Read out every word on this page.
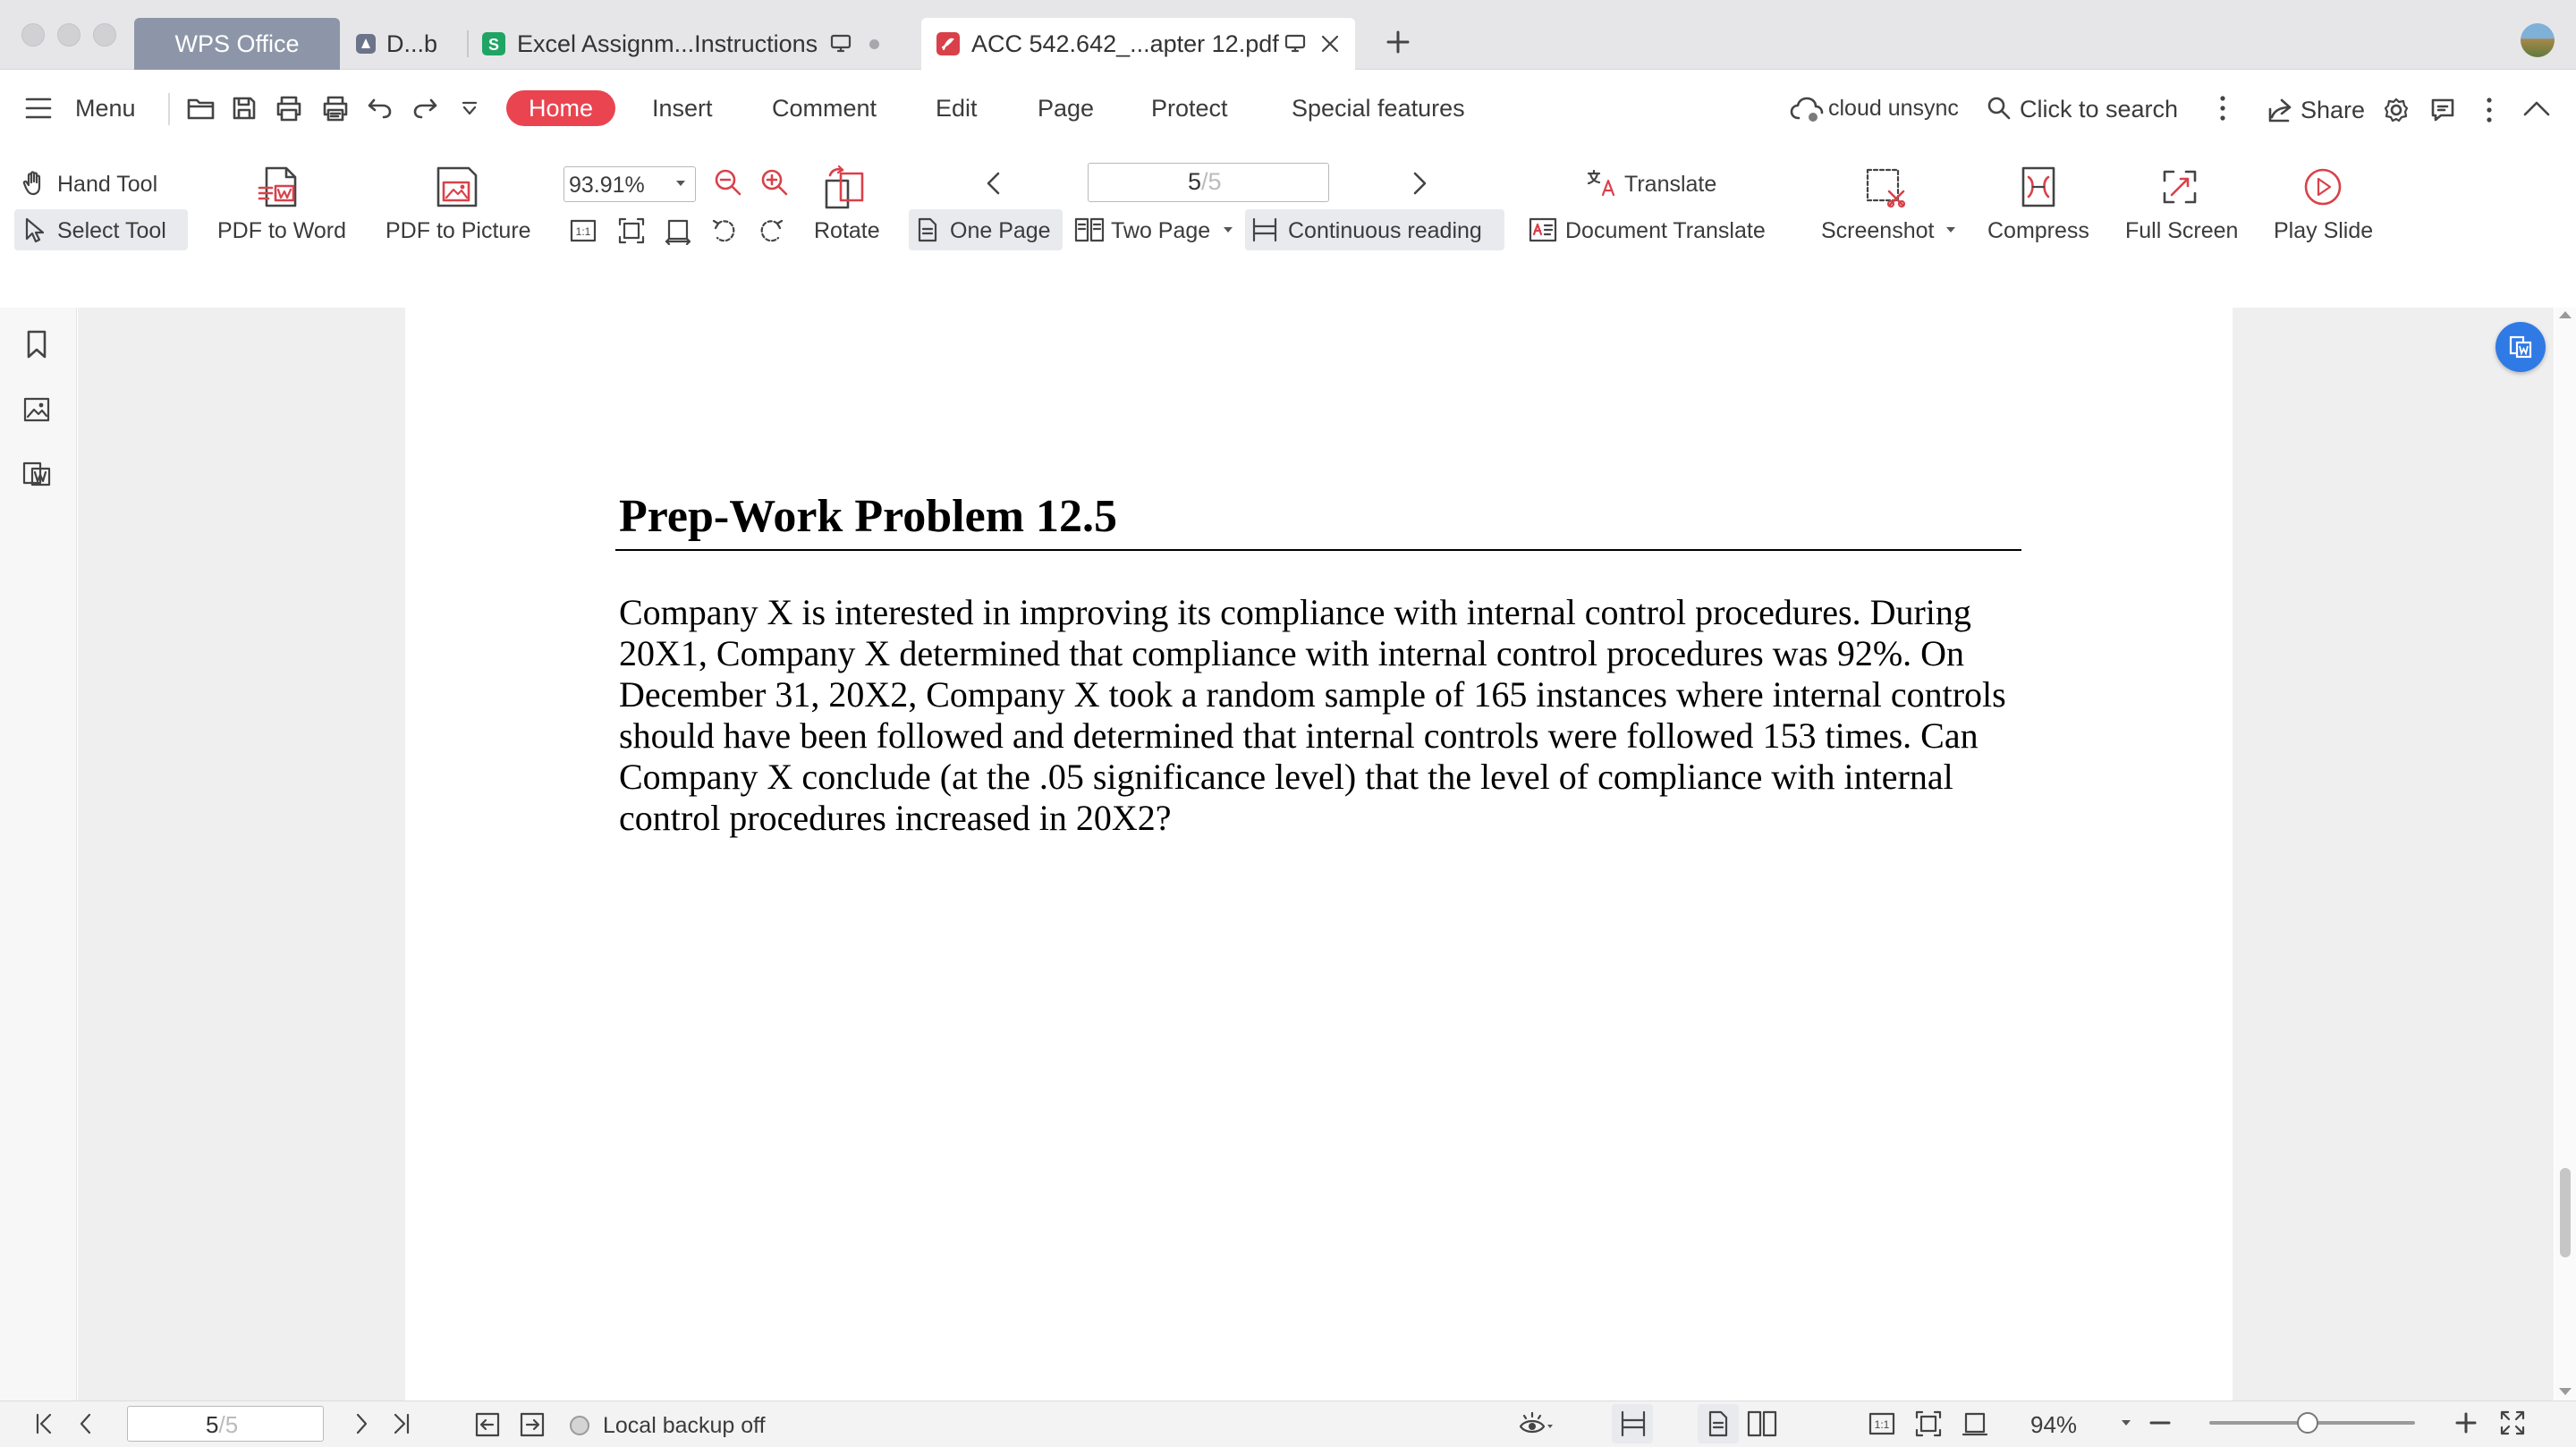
WPS Office	D...b	S Excel Assignm...Instructions	ACC 542.642_...apter 12.pdf
Menu	Home	Insert Comment Edit Page Protect	Special features	cloud unsync	Click to search	Share
Hand Tool
Select Tool PDF to Word PDF to Picture
93.91%
1:1	Rotate
5/5
One Page	Two Page	Continuous reading
Translate
Document Translate Screenshot Compress Full Screen Play Slide
Prep-Work Problem 12.5
Company X is interested in improving its compliance with internal control procedures. During
20X1, Company X determined that compliance with internal control procedures was 92%. On
December 31, 20X2, Company X took a random sample of 165 instances where internal controls
should have been followed and determined that internal controls were followed 153 times. Can
Company X conclude (at the .05 significance level) that the level of compliance with internal
control procedures increased in 20X2?
5/5	Local backup off	1:1	94%
